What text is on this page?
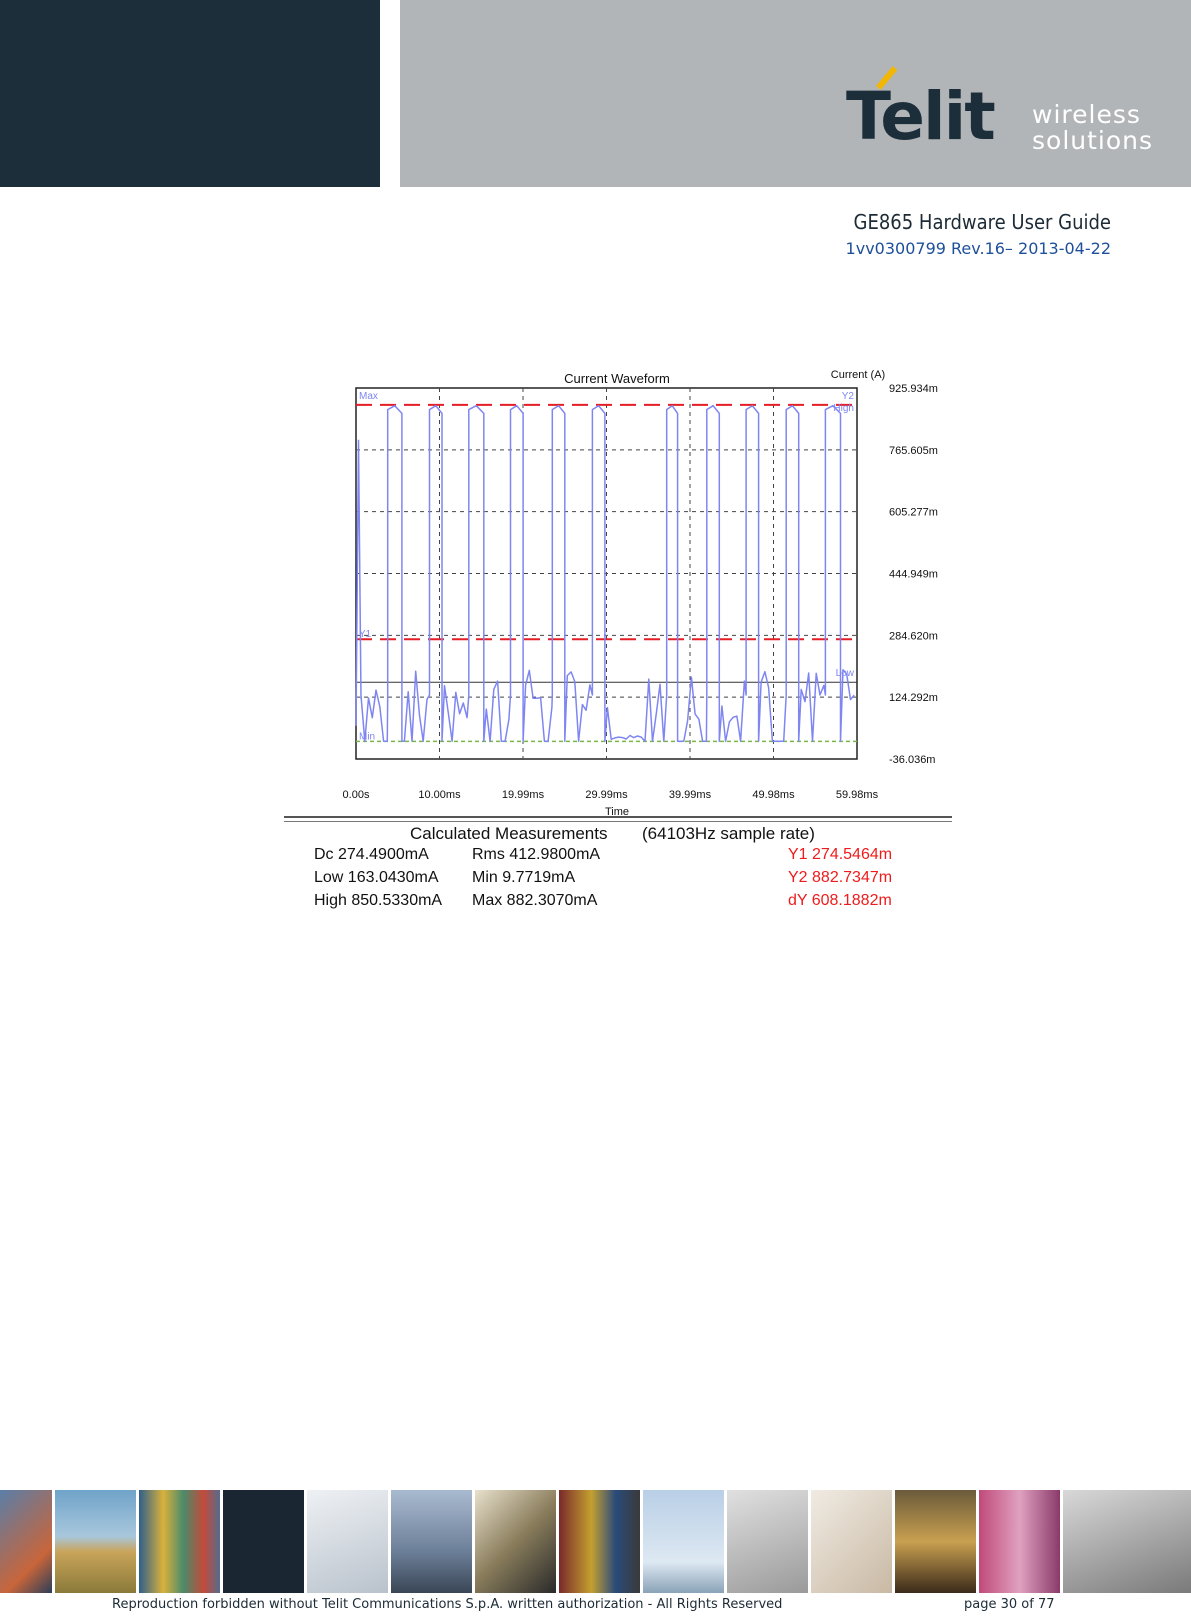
Telit wireless
solutions
GE865 Hardware User Guide
1vv0300799 Rev.16– 2013-04-22
Current Waveform	Current (A)
Time
Max	Y2
High
Y1
Low
Min
0.00s	10.00ms	19.99ms	29.99ms	39.99ms	49.98ms	59.98ms
925.934m
765.605m
605.277m
444.949m
284.620m
124.292m
-36.036m
Calculated Measurements (64103Hz sample rate)
Dc 274.4900mA	Rms 412.9800mA	Y1 274.5464m
Low 163.0430mA Min 9.7719mA	Y2 882.7347m
High 850.5330mA Max 882.3070mA	dY 608.1882m
Reproduction forbidden without Telit Communications S.p.A. written authorization - All Rights Reserved	page 30 of 77
